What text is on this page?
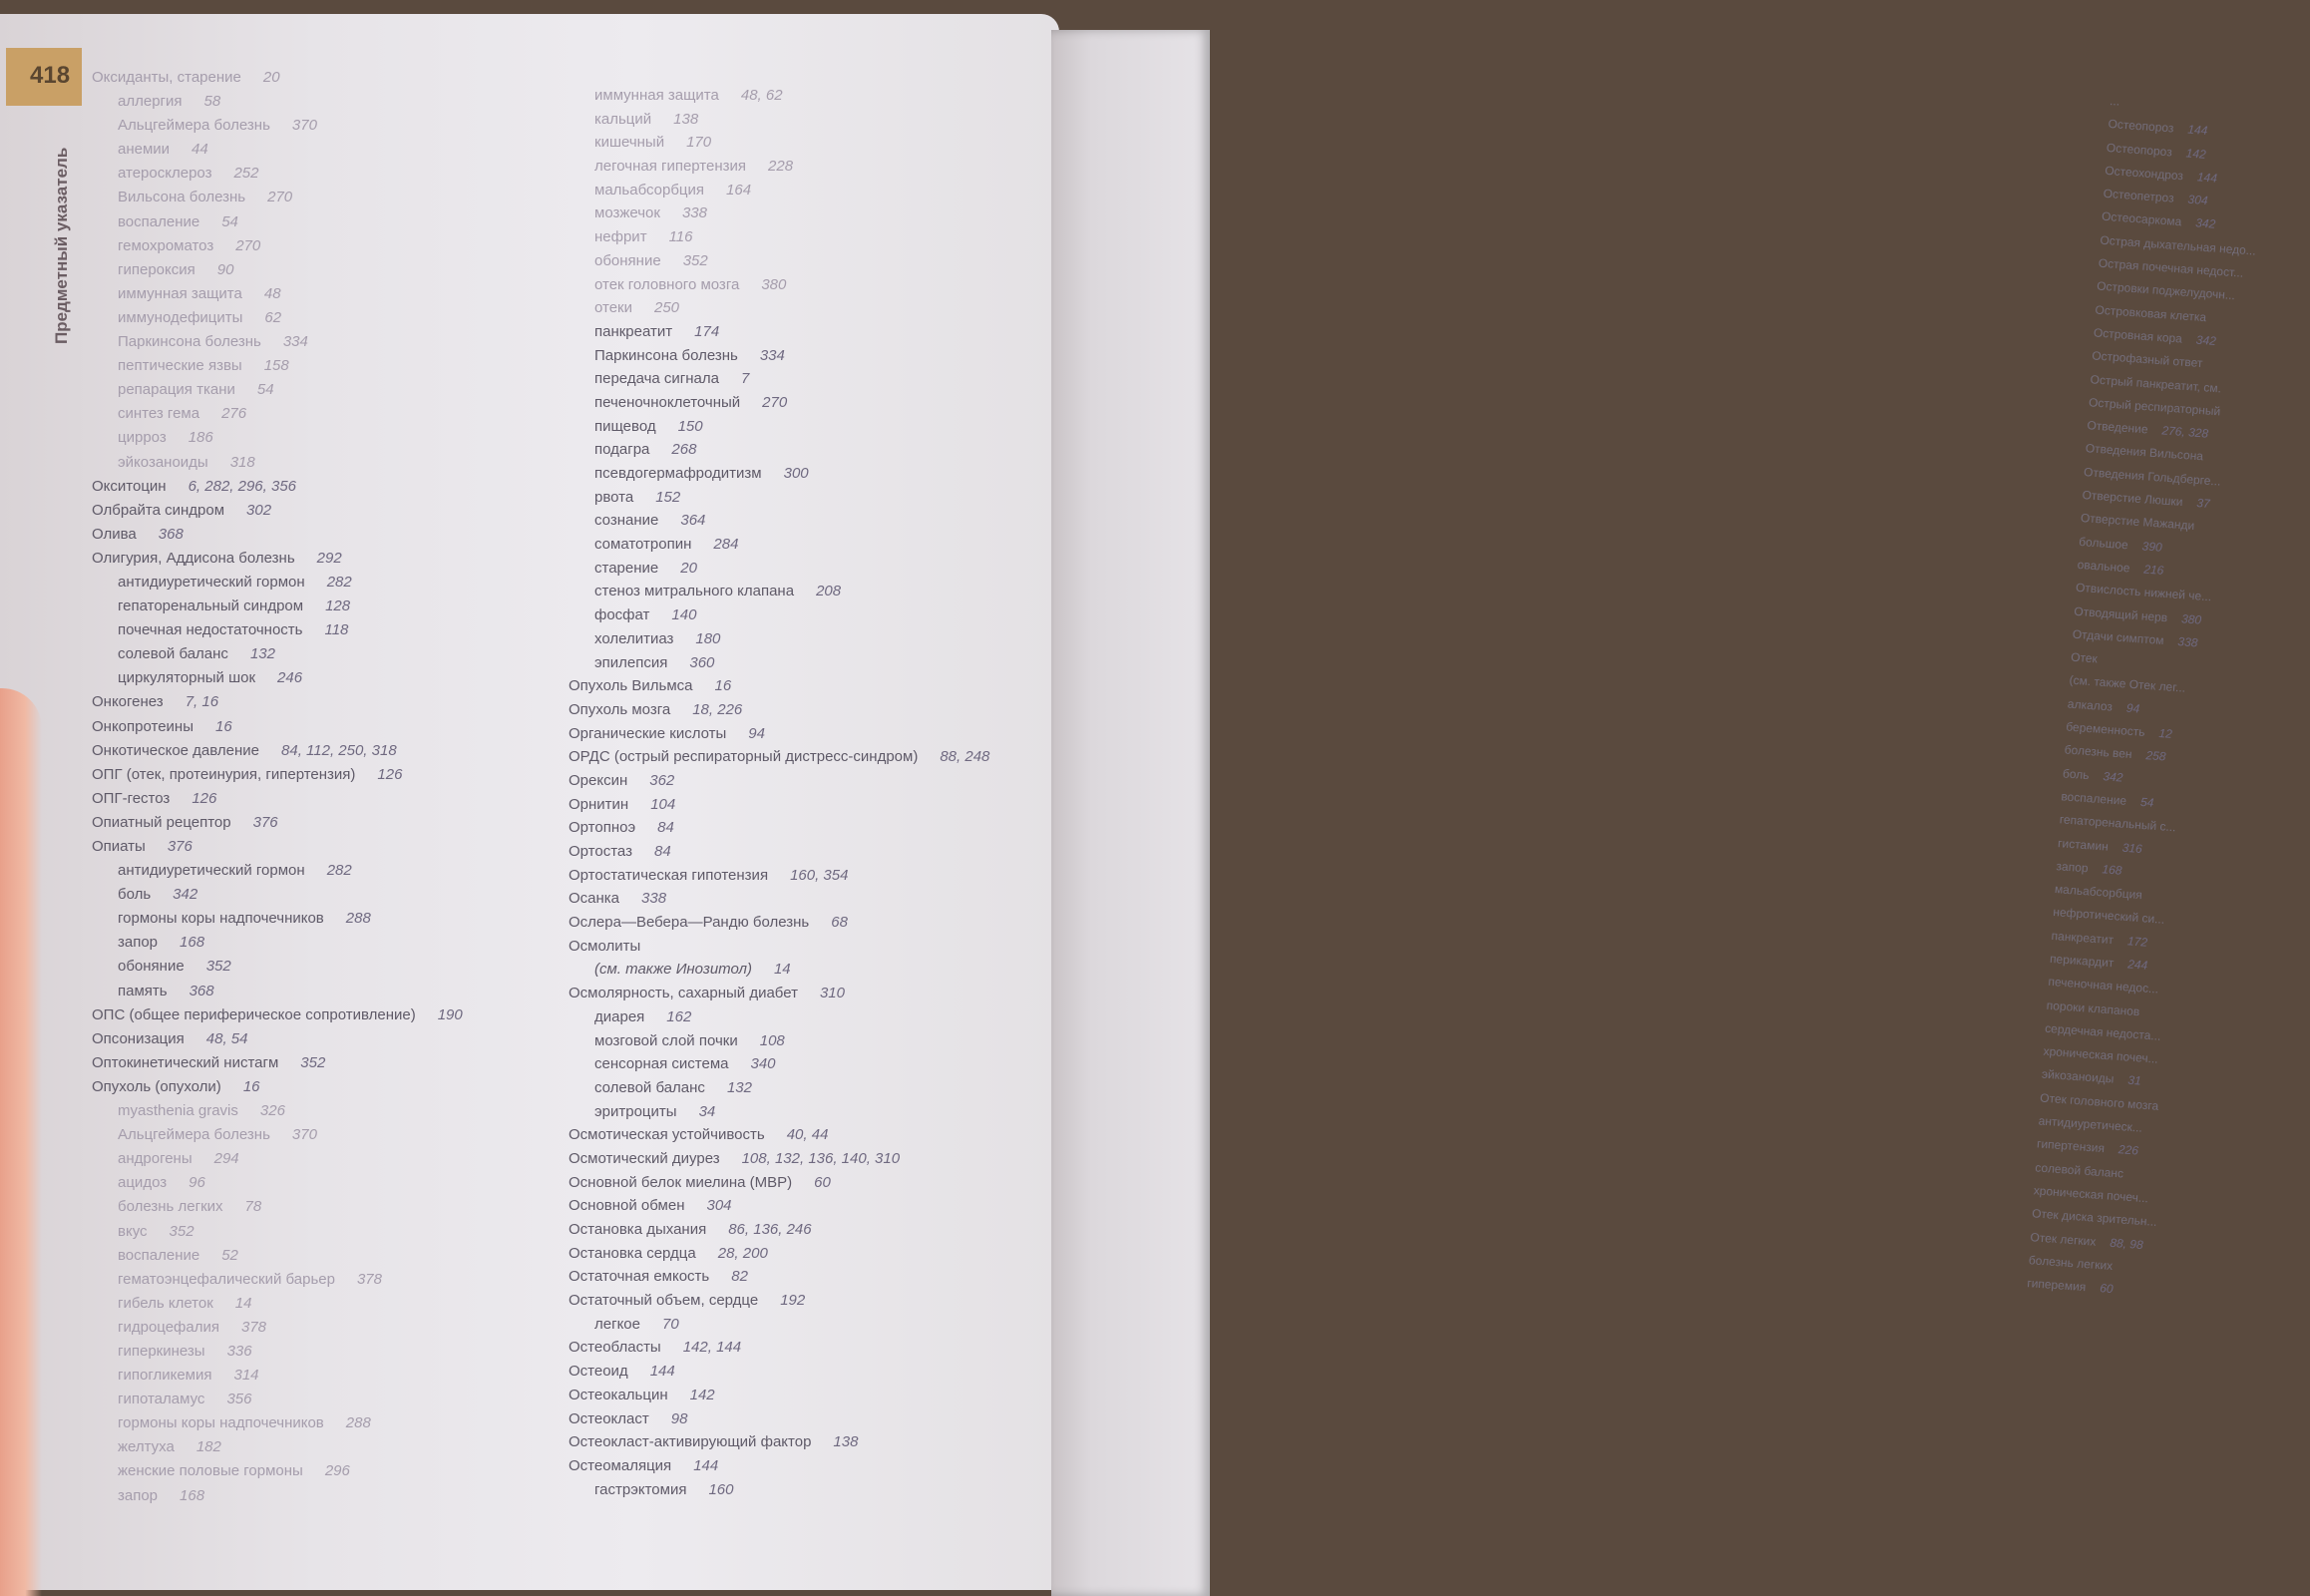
...
Остеопороз 144
Остеопороз 142
Остеохондроз 144
Остеопетроз 304
Остеосаркома 342
Острая дыхательная недо...
Острая почечная недост...
Островки поджелудочн...
Островковая клетка
Островная кора 342
Острофазный ответ
Острый панкреатит, см.
Острый респираторный
Отведение 276, 328
Отведения Вильсона
Отведения Гольдберге...
Отверстие Люшки 37
Отверстие Мажанди
большое 390
овальное 216
Отвислость нижней че...
Отводящий нерв 380
Отдачи симптом 338
Отек
(см. также Отек лег...
алкалоз 94
беременность 12
болезнь вен 258
боль 342
воспаление 54
гепаторенальный с...
гистамин 316
запор 168
мальабсорбция
нефротический си...
панкреатит 172
перикардит 244
печеночная недос...
пороки клапанов
сердечная недоста...
хроническая почеч...
эйкозаноиды 31
Отек головного мозга
антидиуретическ...
гипертензия 226
солевой баланс
хроническая почеч...
Отек диска зрительн...
Отек легких 88, 98
болезнь легких
гиперемия 60
418
Предметный указатель
Оксиданты, старение 20
аллергия 58
Альцгеймера болезнь 370
анемии 44
атеросклероз 252
Вильсона болезнь 270
воспаление 54
гемохроматоз 270
гипероксия 90
иммунная защита 48
иммунодефициты 62
Паркинсона болезнь 334
пептические язвы 158
репарация ткани 54
синтез гема 276
цирроз 186
эйкозаноиды 318
Окситоцин 6, 282, 296, 356
Олбрайта синдром 302
Олива 368
Олигурия, Аддисона болезнь 292
антидиуретический гормон 282
гепаторенальный синдром 128
почечная недостаточность 118
солевой баланс 132
циркуляторный шок 246
Онкогенез 7, 16
Онкопротеины 16
Онкотическое давление 84, 112, 250, 318
ОПГ (отек, протеинурия, гипертензия) 126
ОПГ-гестоз 126
Опиатный рецептор 376
Опиаты 376
антидиуретический гормон 282
боль 342
гормоны коры надпочечников 288
запор 168
обоняние 352
память 368
ОПС (общее периферическое сопротивление) 190
Опсонизация 48, 54
Оптокинетический нистагм 352
Опухоль (опухоли) 16
myasthenia gravis 326
Альцгеймера болезнь 370
андрогены 294
ацидоз 96
болезнь легких 78
вкус 352
воспаление 52
гематоэнцефалический барьер 378
гибель клеток 14
гидроцефалия 378
гиперкинезы 336
гипогликемия 314
гипоталамус 356
гормоны коры надпочечников 288
желтуха 182
женские половые гормоны 296
запор 168
иммунная защита 48, 62
кальций 138
кишечный 170
легочная гипертензия 228
мальабсорбция 164
мозжечок 338
нефрит 116
обоняние 352
отек головного мозга 380
отеки 250
панкреатит 174
Паркинсона болезнь 334
передача сигнала 7
печеночноклеточный 270
пищевод 150
подагра 268
псевдогермафродитизм 300
рвота 152
сознание 364
соматотропин 284
старение 20
стеноз митрального клапана 208
фосфат 140
холелитиаз 180
эпилепсия 360
Опухоль Вильмса 16
Опухоль мозга 18, 226
Органические кислоты 94
ОРДС (острый респираторный дистресс-синдром) 88, 248
Орексин 362
Орнитин 104
Ортопноэ 84
Ортостаз 84
Ортостатическая гипотензия 160, 354
Осанка 338
Ослера—Вебера—Рандю болезнь 68
Осмолиты
(см. также Инозитол) 14
Осмолярность, сахарный диабет 310
диарея 162
мозговой слой почки 108
сенсорная система 340
солевой баланс 132
эритроциты 34
Осмотическая устойчивость 40, 44
Осмотический диурез 108, 132, 136, 140, 310
Основной белок миелина (МВР) 60
Основной обмен 304
Остановка дыхания 86, 136, 246
Остановка сердца 28, 200
Остаточная емкость 82
Остаточный объем, сердце 192
легкое 70
Остеобласты 142, 144
Остеоид 144
Остеокальцин 142
Остеокласт 98
Остеокласт-активирующий фактор 138
Остеомаляция 144
гастрэктомия 160
